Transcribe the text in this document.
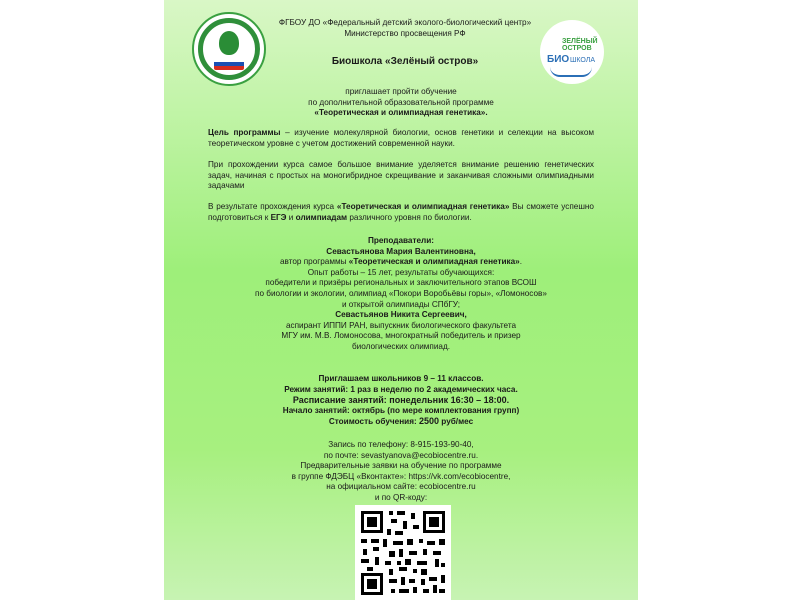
ЗЕЛЁНЫЙ ОСТРОВ
БИО ШКОЛА
ФГБОУ ДО «Федеральный детский эколого-биологический центр»
Министерство просвещения РФ
Биошкола «Зелёный остров»
приглашает пройти обучение
по дополнительной образовательной программе
«Теоретическая и олимпиадная генетика».
Цель программы – изучение молекулярной биологии, основ генетики и селекции на высоком теоретическом уровне с учетом достижений современной науки.
При прохождении курса самое большое внимание уделяется внимание решению генетических задач, начиная с простых на моногибридное скрещивание и заканчивая сложными олимпиадными задачами
В результате прохождения курса «Теоретическая и олимпиадная генетика» Вы сможете успешно подготовиться к ЕГЭ и олимпиадам различного уровня по биологии.
Преподаватели:
Севастьянова Мария Валентиновна,
автор программы «Теоретическая и олимпиадная генетика».
Опыт работы – 15 лет, результаты обучающихся:
победители и призёры региональных и заключительного этапов ВСОШ
по биологии и экологии, олимпиад «Покори Воробьёвы горы», «Ломоносов»
и открытой олимпиады СПбГУ;
Севастьянов Никита Сергеевич,
аспирант ИППИ РАН, выпускник биологического факультета
МГУ им. М.В. Ломоносова, многократный победитель и призер
биологических олимпиад.
Приглашаем школьников 9 – 11 классов.
Режим занятий: 1 раз в неделю по 2 академических часа.
Расписание занятий: понедельник 16:30 – 18:00.
Начало занятий: октябрь (по мере комплектования групп)
Стоимость обучения: 2500 руб/мес
Запись по телефону: 8-915-193-90-40,
по почте: sevastyanova@ecobiocentre.ru.
Предварительные заявки на обучение по программе
в группе ФДЭБЦ «Вконтакте»: https://vk.com/ecobiocentre,
на официальном сайте: ecobiocentre.ru
и по QR-коду:
